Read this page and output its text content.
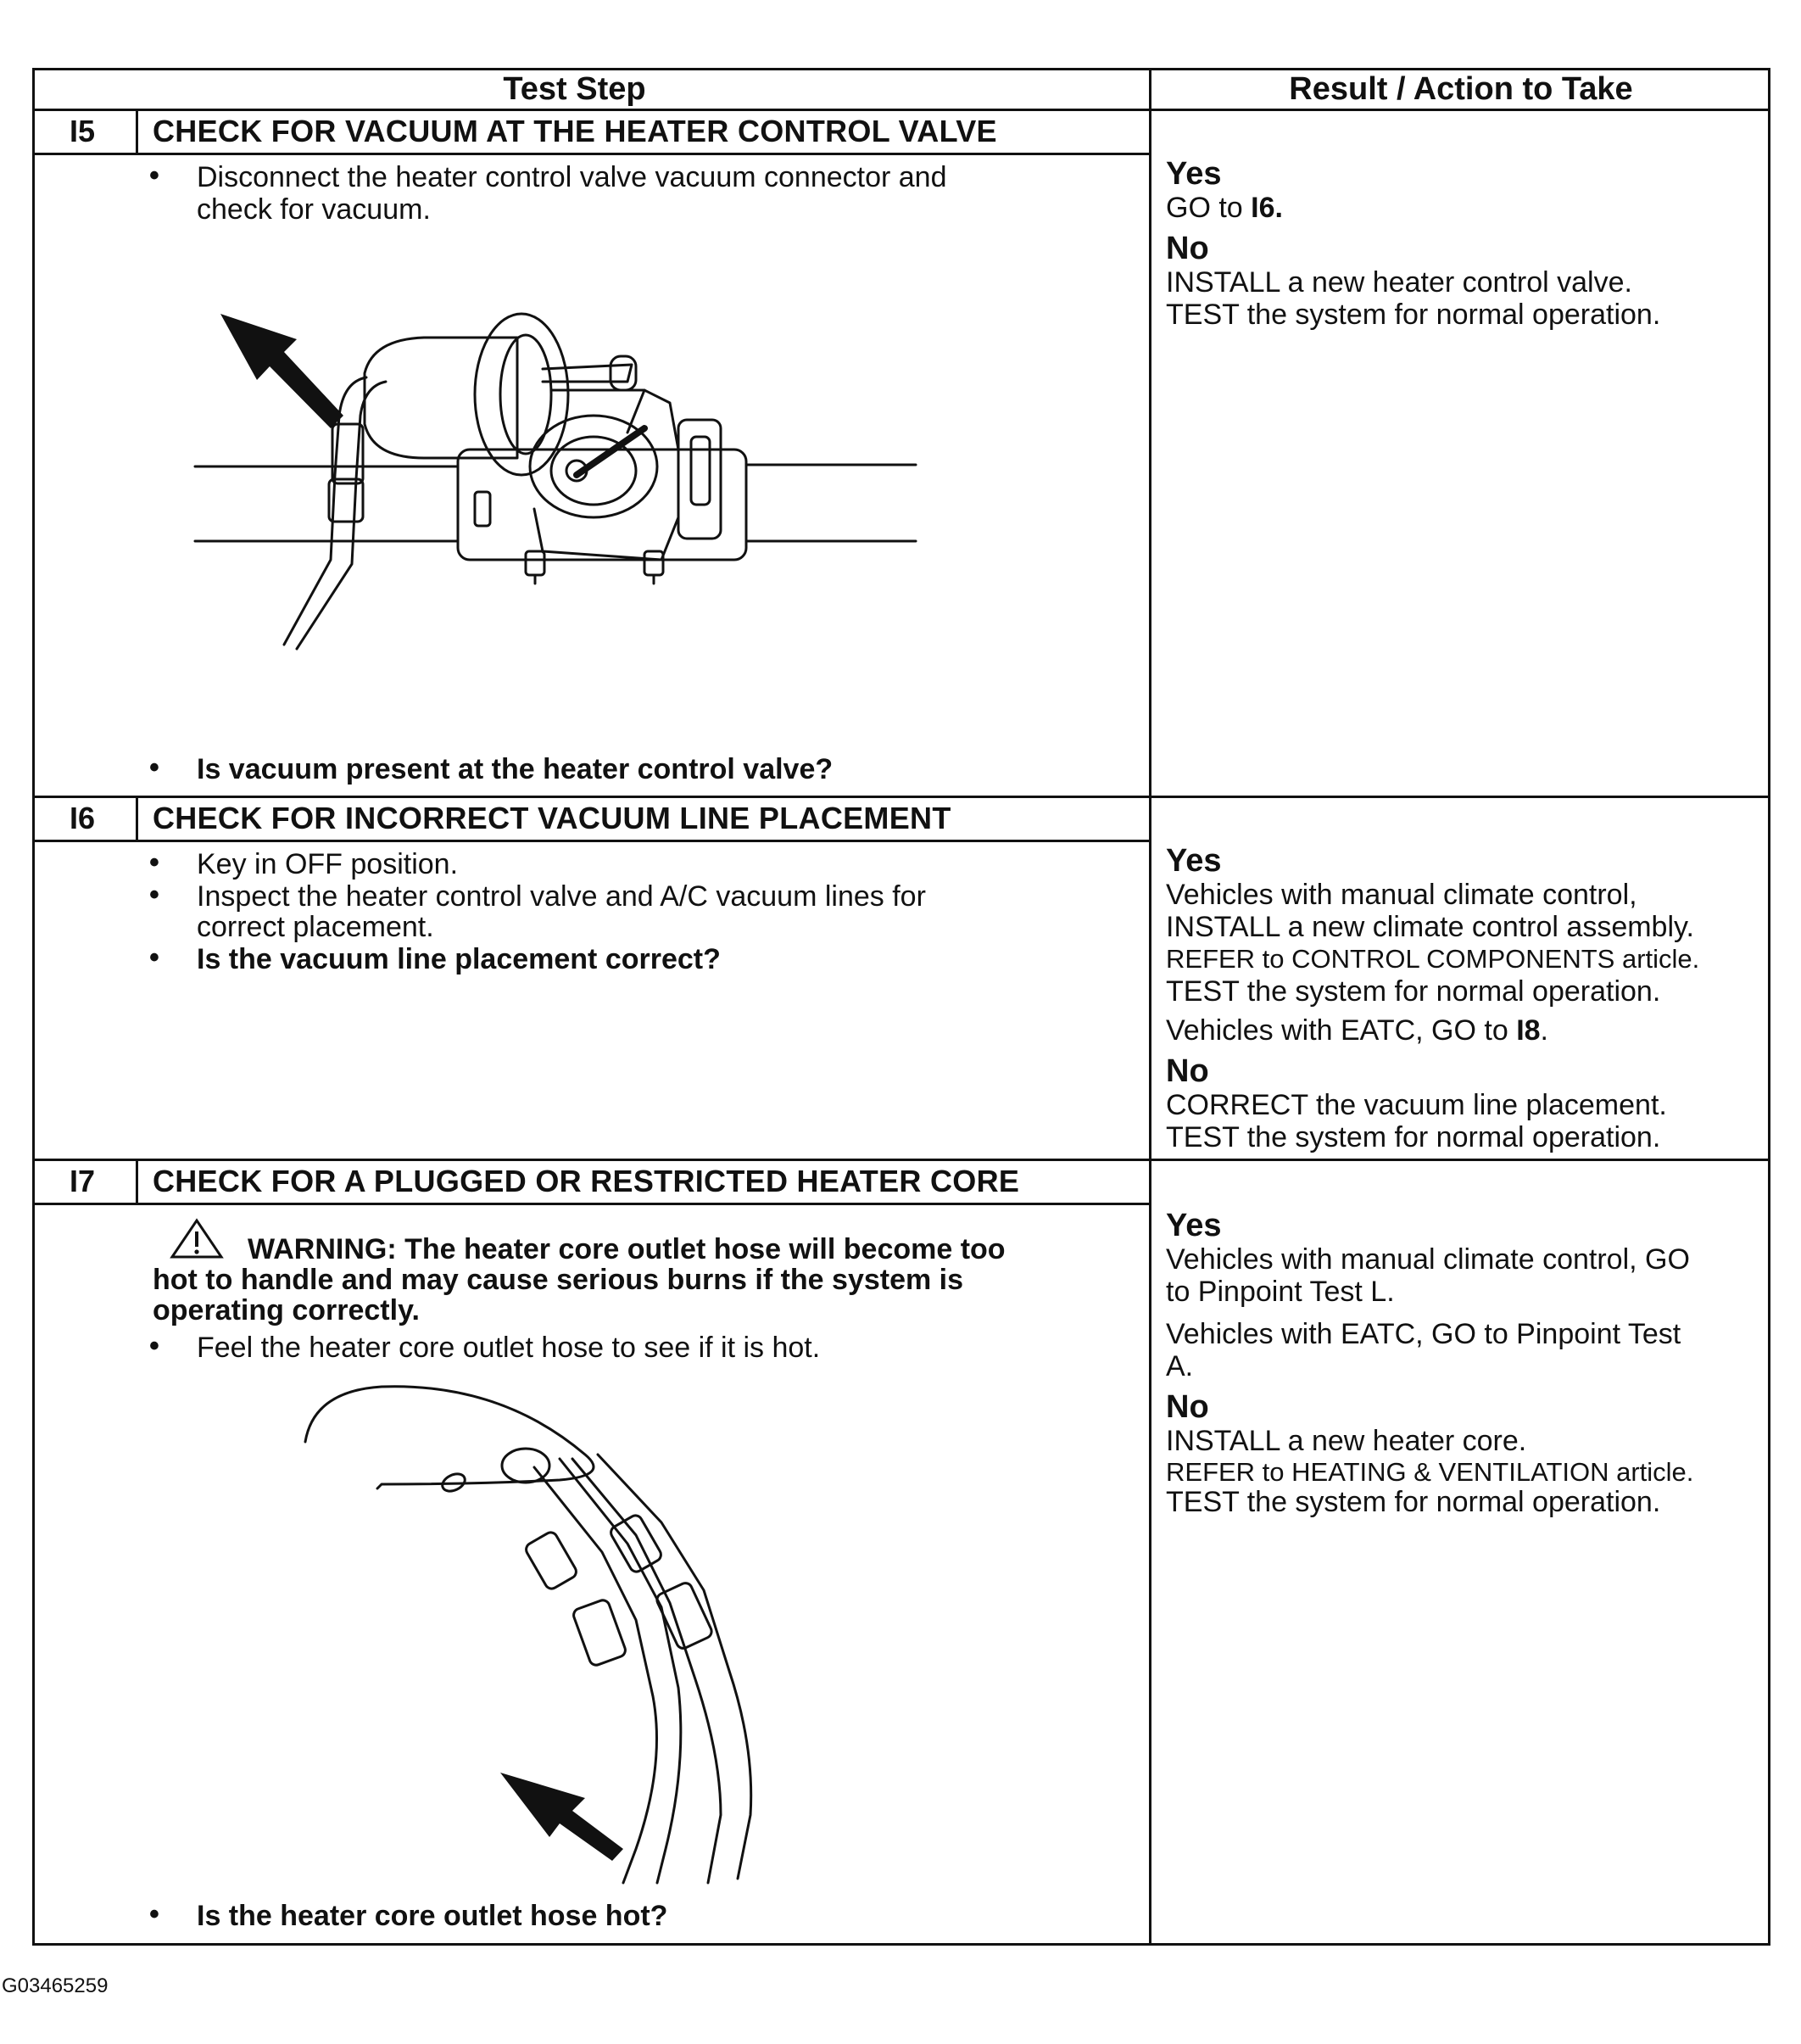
Test Step	Result / Action to Take
I5 CHECK FOR VACUUM AT THE HEATER CONTROL VALVE
• Disconnect the heater control valve vacuum connector and
check for vacuum.
• Is vacuum present at the heater control valve?
Yes
GO to I6.
No
INSTALL a new heater control valve.
TEST the system for normal operation.
I6 CHECK FOR INCORRECT VACUUM LINE PLACEMENT
• Key in OFF position.
• Inspect the heater control valve and A/C vacuum lines for
correct placement.
• Is the vacuum line placement correct?
Yes
Vehicles with manual climate control,
INSTALL a new climate control assembly.
REFER to CONTROL COMPONENTS article.
TEST the system for normal operation.
Vehicles with EATC, GO to I8.
No
CORRECT the vacuum line placement.
TEST the system for normal operation.
I7 CHECK FOR A PLUGGED OR RESTRICTED HEATER CORE
WARNING: The heater core outlet hose will become too
hot to handle and may cause serious burns if the system is
operating correctly.
• Feel the heater core outlet hose to see if it is hot.
• Is the heater core outlet hose hot?
Yes
Vehicles with manual climate control, GO
to Pinpoint Test L.
Vehicles with EATC, GO to Pinpoint Test
A.
No
INSTALL a new heater core.
REFER to HEATING & VENTILATION article.
TEST the system for normal operation.
G03465259
